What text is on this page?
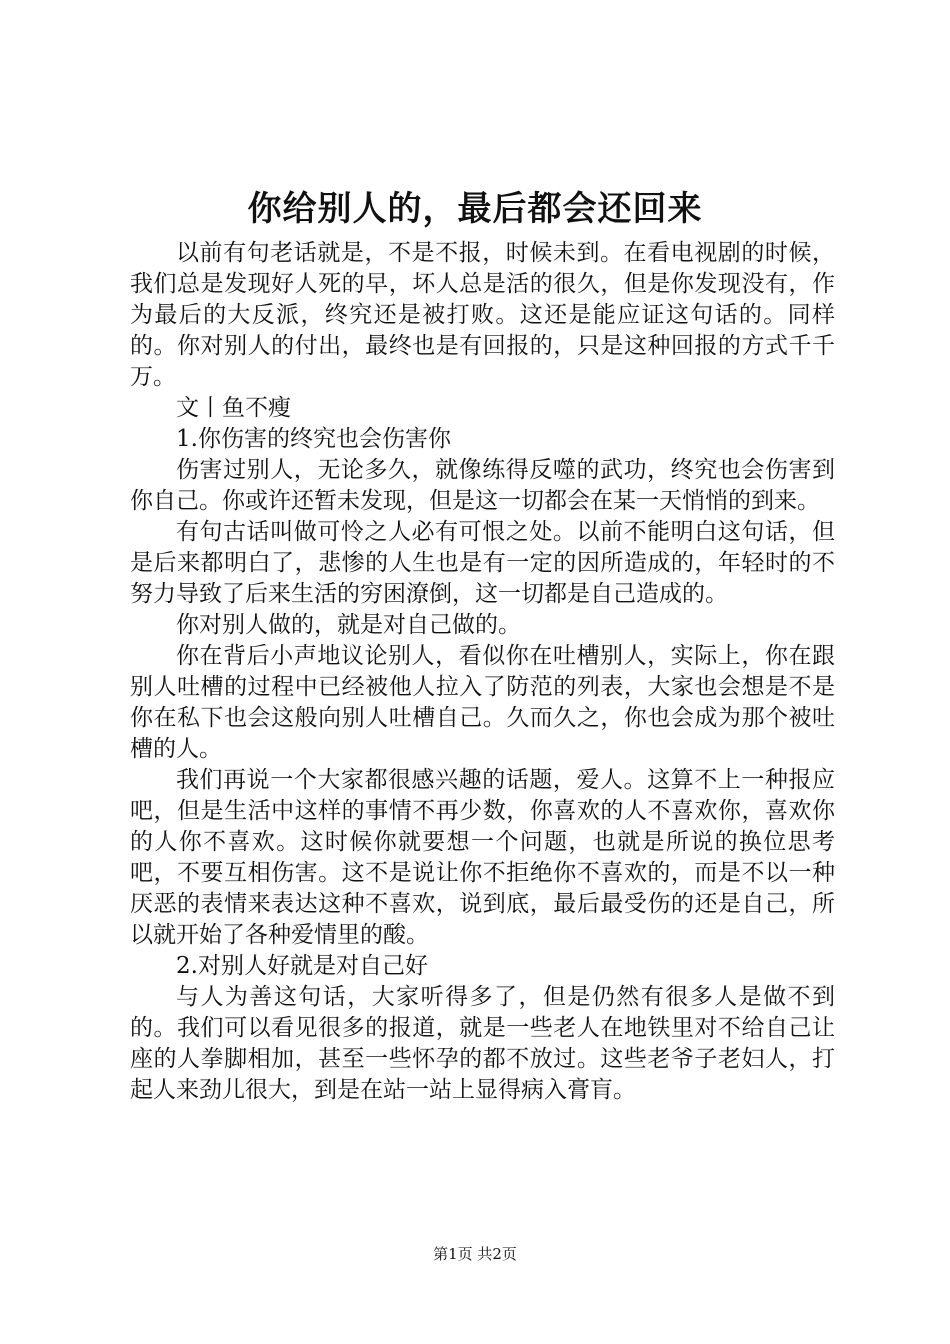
你给别人的，最后都会还回来

以前有句老话就是，不是不报，时候未到。在看电视剧的时候，我们总是发现好人死的早，坏人总是活的很久，但是你发现没有，作为最后的大反派，终究还是被打败。这还是能应证这句话的。同样的。你对别人的付出，最终也是有回报的，只是这种回报的方式千千万。

文丨鱼不瘦

1.你伤害的终究也会伤害你

伤害过别人，无论多久，就像练得反噬的武功，终究也会伤害到你自己。你或许还暂未发现，但是这一切都会在某一天悄悄的到来。

有句古话叫做可怜之人必有可恨之处。以前不能明白这句话，但是后来都明白了，悲惨的人生也是有一定的因所造成的，年轻时的不努力导致了后来生活的穷困潦倒，这一切都是自己造成的。

你对别人做的，就是对自己做的。

你在背后小声地议论别人，看似你在吐槽别人，实际上，你在跟别人吐槽的过程中已经被他人拉入了防范的列表，大家也会想是不是你在私下也会这般向别人吐槽自己。久而久之，你也会成为那个被吐槽的人。

我们再说一个大家都很感兴趣的话题，爱人。这算不上一种报应吧，但是生活中这样的事情不再少数，你喜欢的人不喜欢你，喜欢你的人你不喜欢。这时候你就要想一个问题，也就是所说的换位思考吧，不要互相伤害。这不是说让你不拒绝你不喜欢的，而是不以一种厌恶的表情来表达这种不喜欢，说到底，最后最受伤的还是自己，所以就开始了各种爱情里的酸。

2.对别人好就是对自己好

与人为善这句话，大家听得多了，但是仍然有很多人是做不到的。我们可以看见很多的报道，就是一些老人在地铁里对不给自己让座的人拳脚相加，甚至一些怀孕的都不放过。这些老爷子老妇人，打起人来劲儿很大，到是在站一站上显得病入膏肓。

第1页 共2页
